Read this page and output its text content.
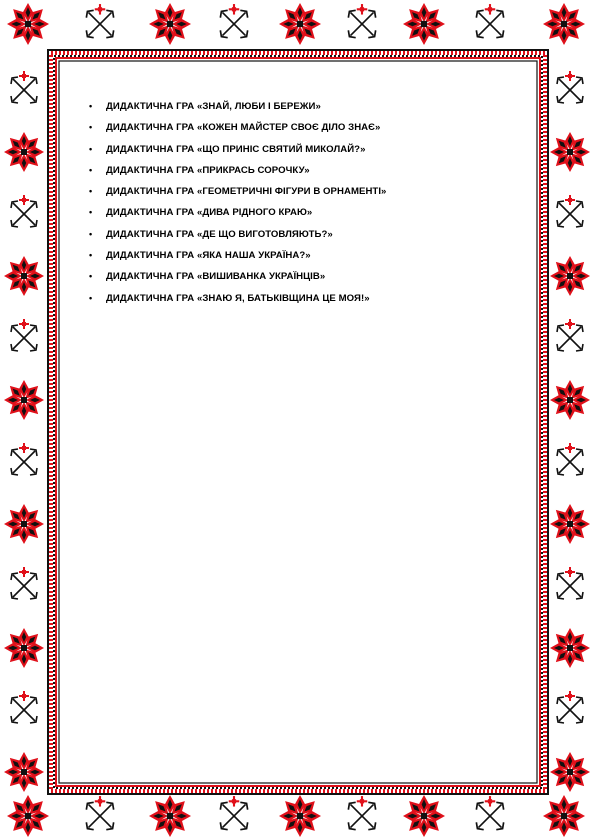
• ДИДАКТИЧНА ГРА «ЗНАЙ, ЛЮБИ І БЕРЕЖИ»
• ДИДАКТИЧНА ГРА «КОЖЕН МАЙСТЕР СВОЄ ДІЛО ЗНАЄ»
• ДИДАКТИЧНА ГРА «ЩО ПРИНІС СВЯТИЙ МИКОЛАЙ?»
• ДИДАКТИЧНА ГРА «ПРИКРАСЬ СОРОЧКУ»
• ДИДАКТИЧНА ГРА «ГЕОМЕТРИЧНІ ФІГУРИ В ОРНАМЕНТІ»
• ДИДАКТИЧНА ГРА «ДИВА РІДНОГО КРАЮ»
• ДИДАКТИЧНА ГРА «ДЕ ЩО ВИГОТОВЛЯЮТЬ?»
• ДИДАКТИЧНА ГРА «ЯКА НАША УКРАЇНА?»
• ДИДАКТИЧНА ГРА «ВИШИВАНКА УКРАЇНЦІВ»
• ДИДАКТИЧНА ГРА «ЗНАЮ Я, БАТЬКІВЩИНА ЦЕ МОЯ!»
